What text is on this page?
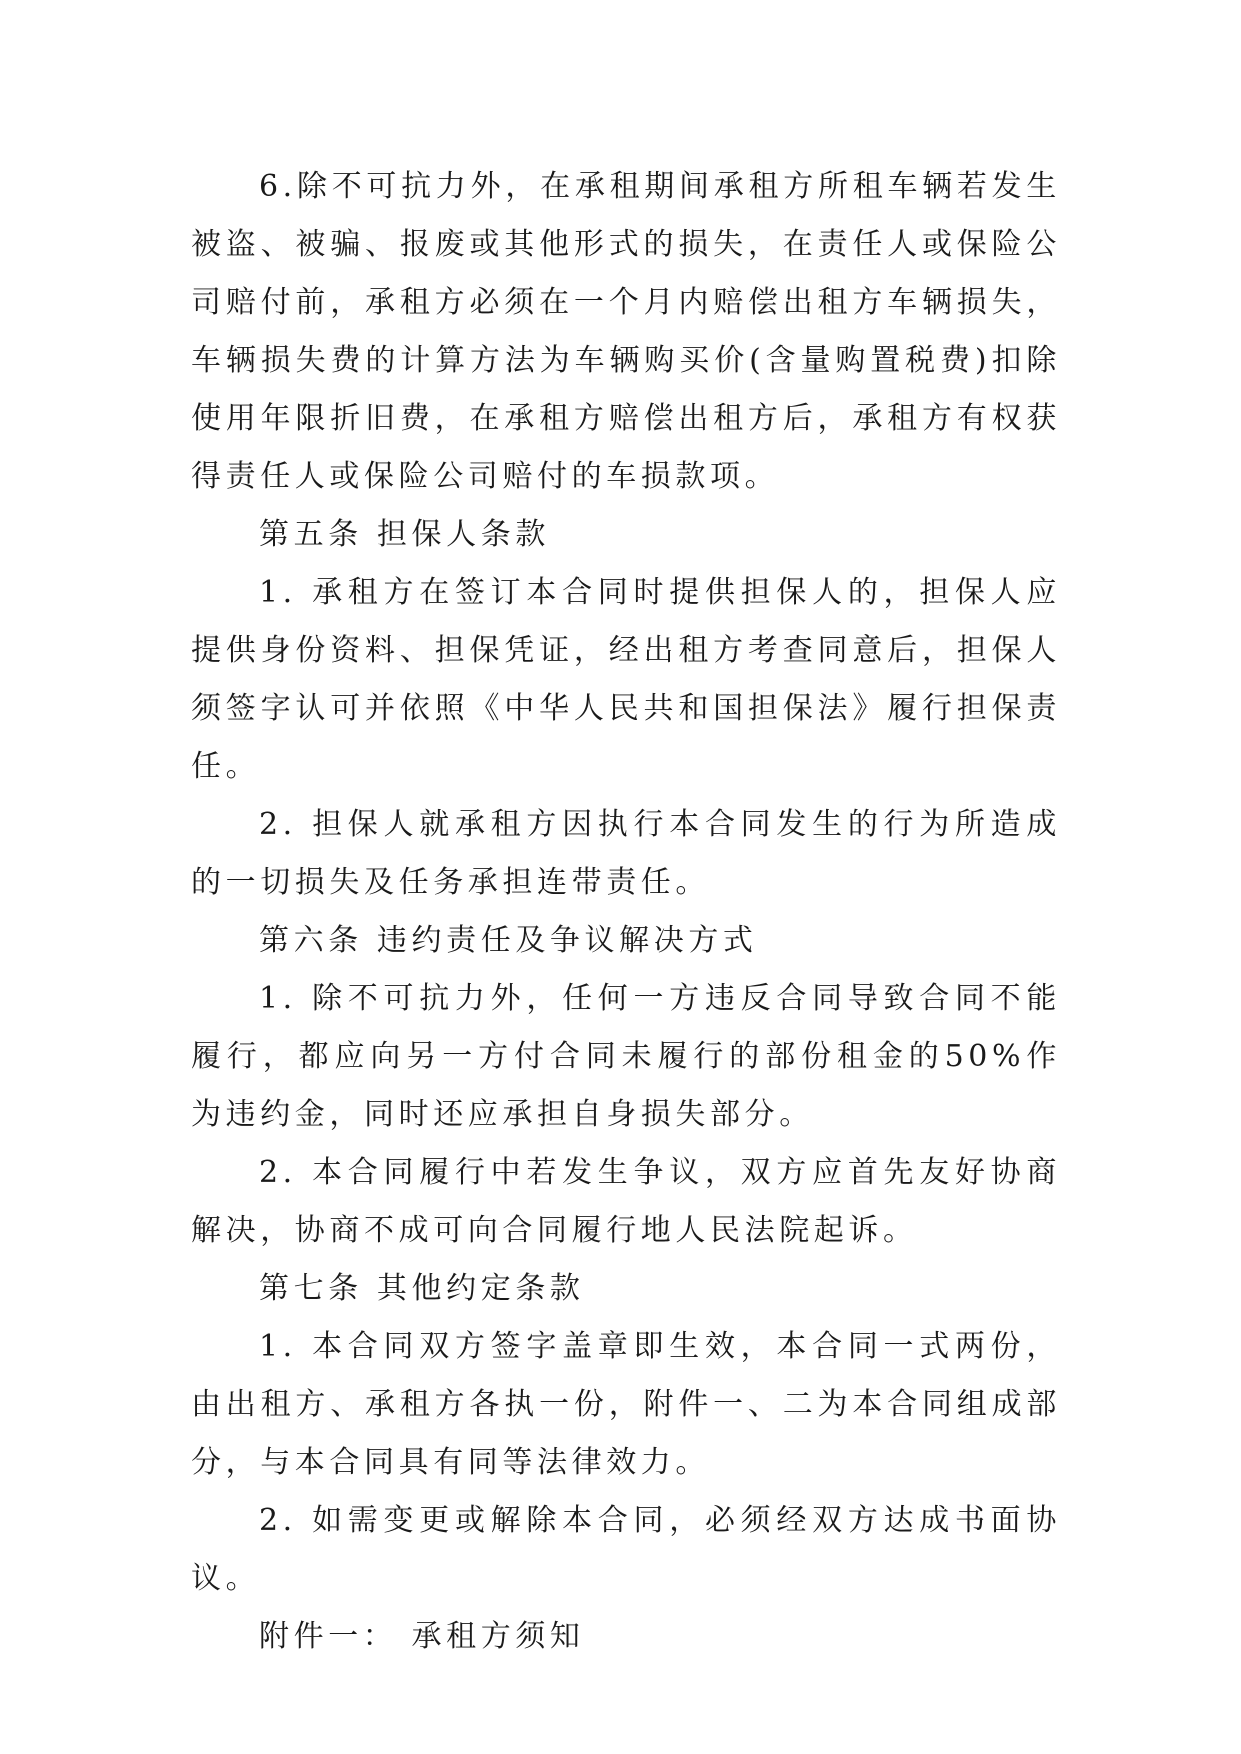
6.除不可抗力外，在承租期间承租方所租车辆若发生被盗、被骗、报废或其他形式的损失，在责任人或保险公司赔付前，承租方必须在一个月内赔偿出租方车辆损失，车辆损失费的计算方法为车辆购买价(含量购置税费)扣除使用年限折旧费，在承租方赔偿出租方后，承租方有权获得责任人或保险公司赔付的车损款项。

第五条 担保人条款

1. 承租方在签订本合同时提供担保人的，担保人应提供身份资料、担保凭证，经出租方考查同意后，担保人须签字认可并依照《中华人民共和国担保法》履行担保责任。

2. 担保人就承租方因执行本合同发生的行为所造成的一切损失及任务承担连带责任。

第六条 违约责任及争议解决方式

1. 除不可抗力外，任何一方违反合同导致合同不能履行，都应向另一方付合同未履行的部份租金的50%作为违约金，同时还应承担自身损失部分。

2. 本合同履行中若发生争议，双方应首先友好协商解决，协商不成可向合同履行地人民法院起诉。

第七条 其他约定条款

1. 本合同双方签字盖章即生效，本合同一式两份，由出租方、承租方各执一份，附件一、二为本合同组成部分，与本合同具有同等法律效力。

2. 如需变更或解除本合同，必须经双方达成书面协议。

附件一： 承租方须知
